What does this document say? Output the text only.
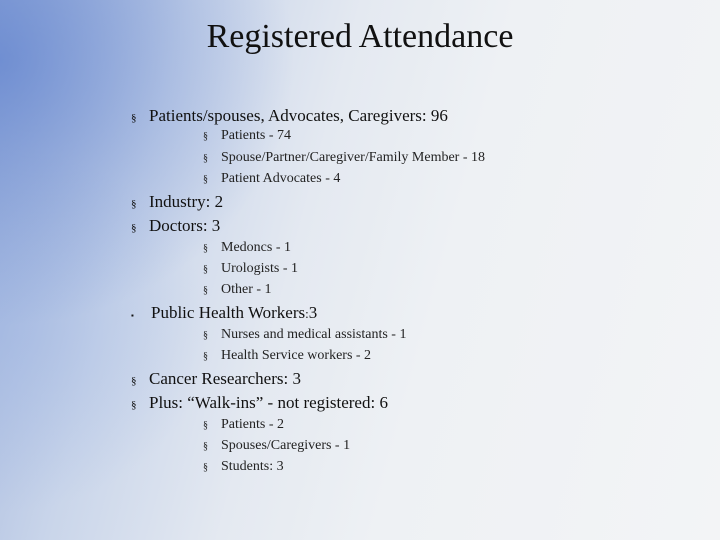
Registered Attendance
§ Patients/spouses, Advocates, Caregivers: 96
§ Patients - 74
§ Spouse/Partner/Caregiver/Family Member - 18
§ Patient Advocates - 4
§ Industry: 2
§ Doctors: 3
§ Medoncs - 1
§ Urologists - 1
§ Other - 1
▪	Public Health Workers : 3
§ Nurses and medical assistants - 1
§ Health Service workers - 2
§ Cancer Researchers: 3
§ Plus: “Walk-ins” - not registered: 6
§ Patients - 2
§ Spouses/Caregivers - 1
§ Students: 3
